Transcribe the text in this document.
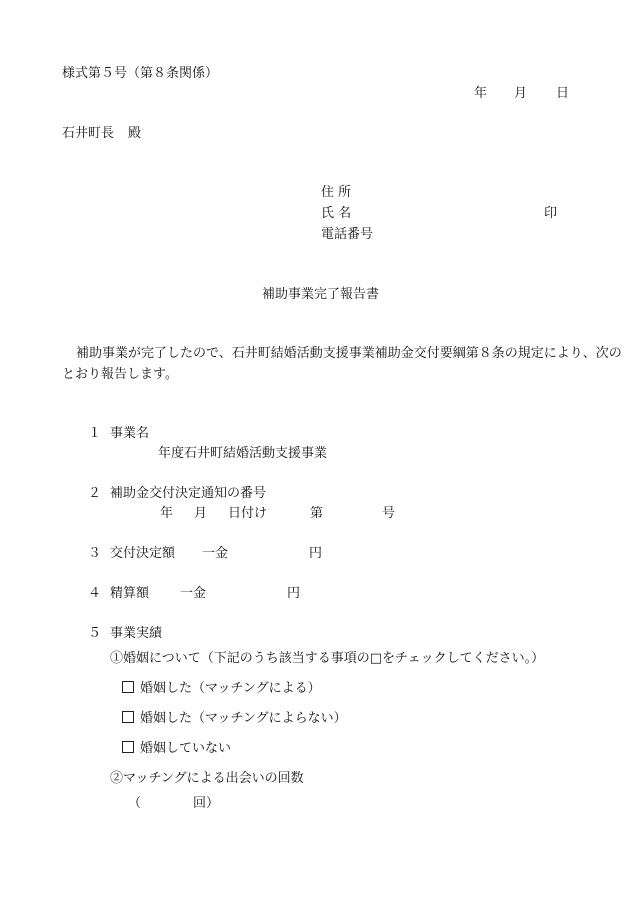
様式第５号（第８条関係）
年 月 日
石井町長 殿
住 所
氏 名	印
電話番号
補助事業完了報告書
補助事業が完了したので、石井町結婚活動支援事業補助金交付要綱第８条の規定により、次の
とおり報告します。
１ 事業名
年度石井町結婚活動支援事業
２ 補助金交付決定通知の番号
年 月 日付け	第	号
３ 交付決定額 一金	円
４ 精算額 一金	円
５ 事業実績
①婚姻について（下記のうち該当する事項の□をチェックしてください。）
婚姻した（マッチングによる）
婚姻した（マッチングによらない）
婚姻していない
②マッチングによる出会いの回数
（	回）
